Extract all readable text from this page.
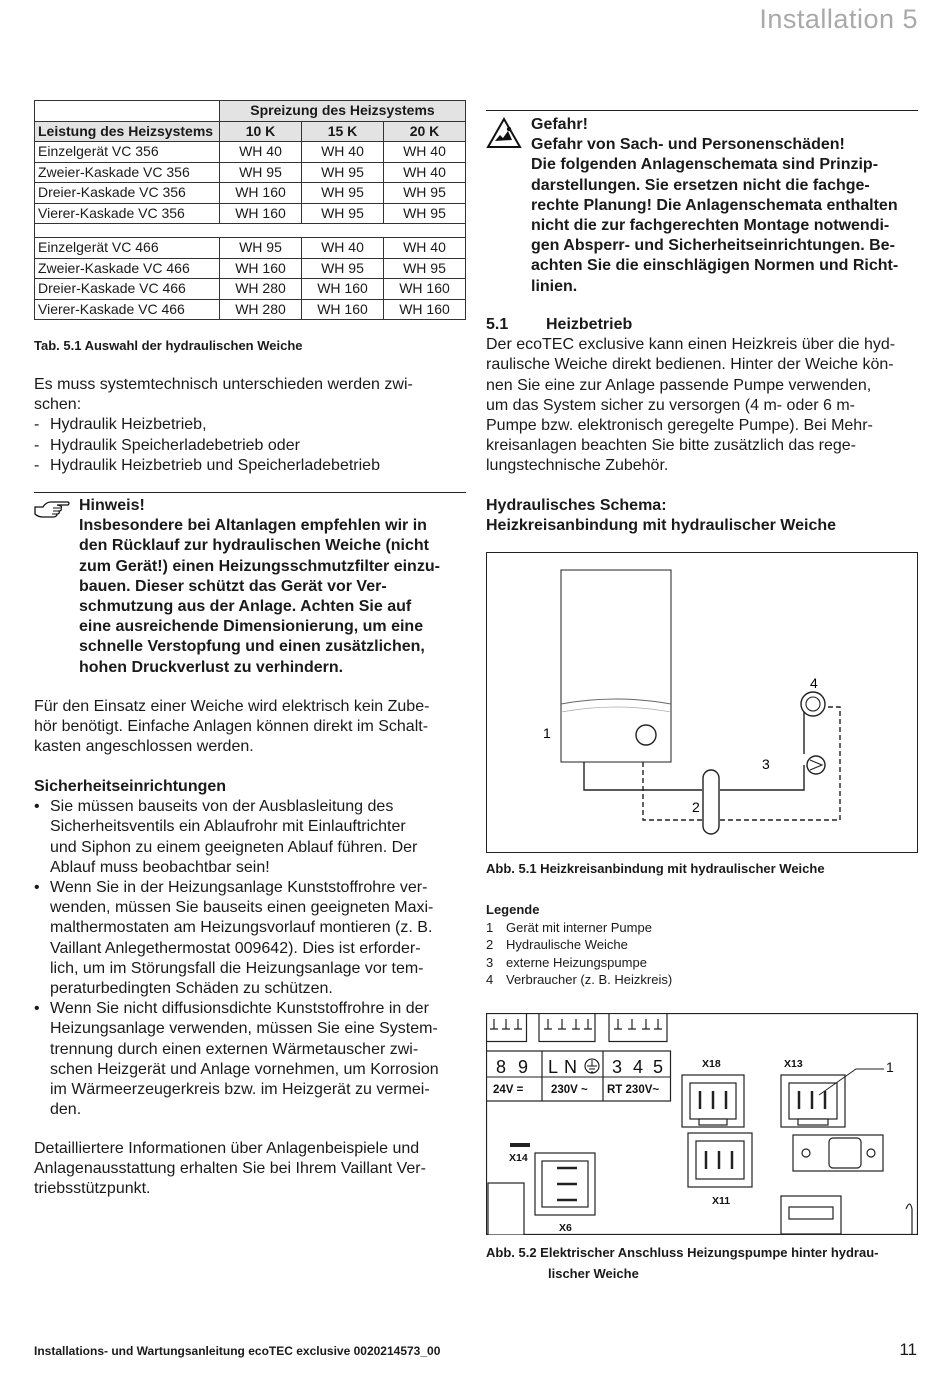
Installation 5
	Spreizung des Heizsystems		
Leistung des Heizsystems	10 K	15 K	20 K
Einzelgerät VC 356	WH 40	WH 40	WH 40
Zweier-Kaskade VC 356	WH 95	WH 95	WH 40
Dreier-Kaskade VC 356	WH 160	WH 95	WH 95
Vierer-Kaskade VC 356	WH 160	WH 95	WH 95

Einzelgerät VC 466	WH 95	WH 40	WH 40
Zweier-Kaskade VC 466	WH 160	WH 95	WH 95
Dreier-Kaskade VC 466	WH 280	WH 160	WH 160
Vierer-Kaskade VC 466	WH 280	WH 160	WH 160
Tab. 5.1 Auswahl der hydraulischen Weiche
Es muss systemtechnisch unterschieden werden zwi-
schen:
- Hydraulik Heizbetrieb,
- Hydraulik Speicherladebetrieb oder
- Hydraulik Heizbetrieb und Speicherladebetrieb
Hinweis!
Insbesondere bei Altanlagen empfehlen wir in
den Rücklauf zur hydraulischen Weiche (nicht
zum Gerät!) einen Heizungsschmutzfilter einzu-
bauen. Dieser schützt das Gerät vor Ver-
schmutzung aus der Anlage. Achten Sie auf
eine ausreichende Dimensionierung, um eine
schnelle Verstopfung und einen zusätzlichen,
hohen Druckverlust zu verhindern.
Für den Einsatz einer Weiche wird elektrisch kein Zube-
hör benötigt. Einfache Anlagen können direkt im Schalt-
kasten angeschlossen werden.
Sicherheitseinrichtungen
• Sie müssen bauseits von der Ausblasleitung des
Sicherheitsventils ein Ablaufrohr mit Einlauftrichter
und Siphon zu einem geeigneten Ablauf führen. Der
Ablauf muss beobachtbar sein!
• Wenn Sie in der Heizungsanlage Kunststoffrohre ver-
wenden, müssen Sie bauseits einen geeigneten Maxi-
malthermostaten am Heizungsvorlauf montieren (z. B.
Vaillant Anlegethermostat 009642). Dies ist erforder-
lich, um im Störungsfall die Heizungsanlage vor tem-
peraturbedingten Schäden zu schützen.
• Wenn Sie nicht diffusionsdichte Kunststoffrohre in der
Heizungsanlage verwenden, müssen Sie eine System-
trennung durch einen externen Wärmetauscher zwi-
schen Heizgerät und Anlage vornehmen, um Korrosion
im Wärmeerzeugerkreis bzw. im Heizgerät zu vermei-
den.
Detailliertere Informationen über Anlagenbeispiele und
Anlagenausstattung erhalten Sie bei Ihrem Vaillant Ver-
triebsstützpunkt.
Gefahr!
Gefahr von Sach- und Personenschäden!
Die folgenden Anlagenschemata sind Prinzip-
darstellungen. Sie ersetzen nicht die fachge-
rechte Planung! Die Anlagenschemata enthalten
nicht die zur fachgerechten Montage notwendi-
gen Absperr- und Sicherheitseinrichtungen. Be-
achten Sie die einschlägigen Normen und Richt-
linien.
5.1 Heizbetrieb
Der ecoTEC exclusive kann einen Heizkreis über die hyd-
raulische Weiche direkt bedienen. Hinter der Weiche kön-
nen Sie eine zur Anlage passende Pumpe verwenden,
um das System sicher zu versorgen (4 m- oder 6 m-
Pumpe bzw. elektronisch geregelte Pumpe). Bei Mehr-
kreisanlagen beachten Sie bitte zusätzlich das rege-
lungstechnische Zubehör.
Hydraulisches Schema:
Heizkreisanbindung mit hydraulischer Weiche
1
2
3
4
Abb. 5.1 Heizkreisanbindung mit hydraulischer Weiche
Legende
1 Gerät mit interner Pumpe
2 Hydraulische Weiche
3 externe Heizungspumpe
4 Verbraucher (z. B. Heizkreis)
8 9 L N 3 4 5
24V = 230V ~ RT 230V~
X18	X13
X14
X11
X6
1
Abb. 5.2 Elektrischer Anschluss Heizungspumpe hinter hydrau-
lischer Weiche
Installations- und Wartungsanleitung ecoTEC exclusive 0020214573_00	11
